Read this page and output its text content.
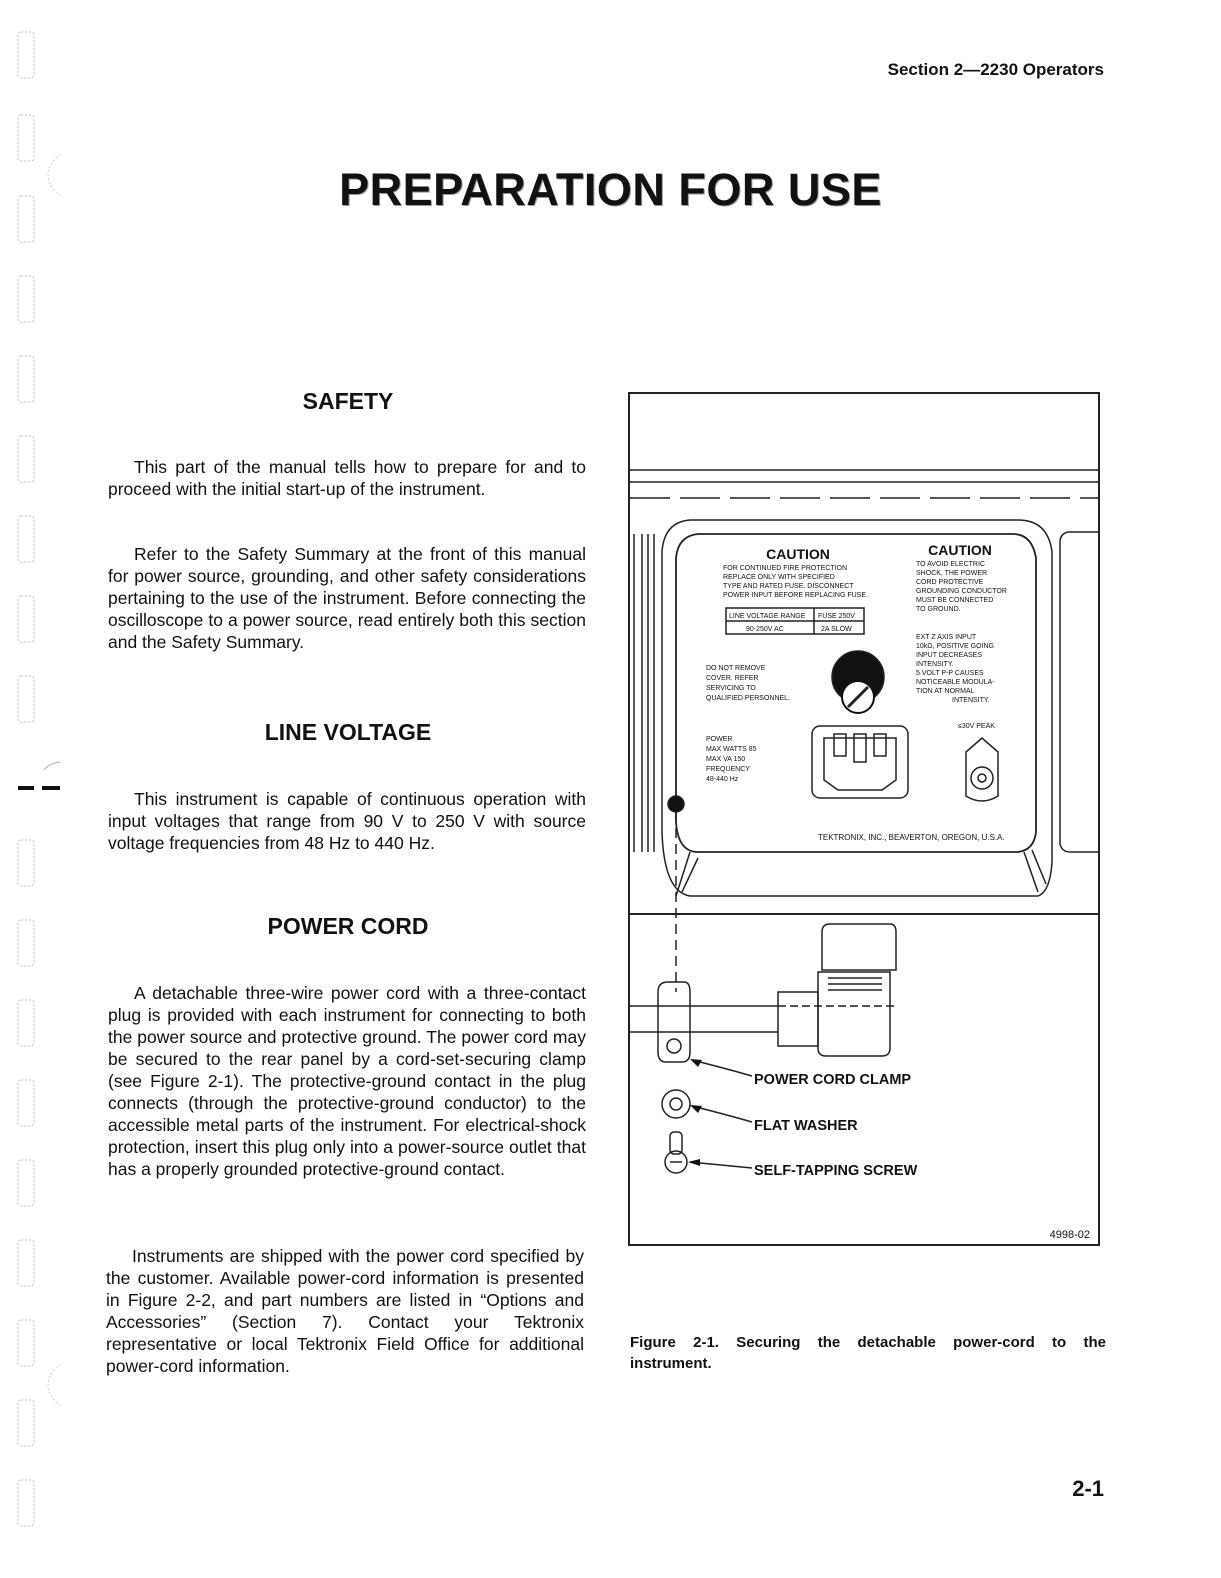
Section 2—2230 Operators
PREPARATION FOR USE
SAFETY
This part of the manual tells how to prepare for and to proceed with the initial start-up of the instrument.
Refer to the Safety Summary at the front of this manual for power source, grounding, and other safety considerations pertaining to the use of the instrument. Before connecting the oscilloscope to a power source, read entirely both this section and the Safety Summary.
LINE VOLTAGE
This instrument is capable of continuous operation with input voltages that range from 90 V to 250 V with source voltage frequencies from 48 Hz to 440 Hz.
POWER CORD
A detachable three-wire power cord with a three-contact plug is provided with each instrument for connecting to both the power source and protective ground. The power cord may be secured to the rear panel by a cord-set-securing clamp (see Figure 2-1). The protective-ground contact in the plug connects (through the protective-ground conductor) to the accessible metal parts of the instrument. For electrical-shock protection, insert this plug only into a power-source outlet that has a properly grounded protective-ground contact.
Instruments are shipped with the power cord specified by the customer. Available power-cord information is presented in Figure 2-2, and part numbers are listed in “Options and Accessories” (Section 7). Contact your Tektronix representative or local Tektronix Field Office for additional power-cord information.
CAUTION
FOR CONTINUED FIRE PROTECTION
REPLACE ONLY WITH SPECIFIED
TYPE AND RATED FUSE. DISCONNECT
POWER INPUT BEFORE REPLACING FUSE.
LINE VOLTAGE RANGE FUSE 250V
90-250V AC	2A SLOW
CAUTION
TO AVOID ELECTRIC
SHOCK, THE POWER
CORD PROTECTIVE
GROUNDING CONDUCTOR
MUST BE CONNECTED
TO GROUND.
EXT Z AXIS INPUT
10kΩ, POSITIVE GOING
INPUT DECREASES
INTENSITY.
5 VOLT P-P CAUSES
NOTICEABLE MODULA-
TION AT NORMAL
INTENSITY.
≤30V PEAK
DO NOT REMOVE
COVER. REFER
SERVICING TO
QUALIFIED PERSONNEL.
POWER
MAX WATTS 85
MAX VA 150
FREQUENCY
48-440 Hz
TEKTRONIX, INC., BEAVERTON, OREGON, U.S.A.
POWER CORD CLAMP
FLAT WASHER
SELF-TAPPING SCREW
4998-02
Figure 2-1. Securing the detachable power-cord to the instrument.
2-1
